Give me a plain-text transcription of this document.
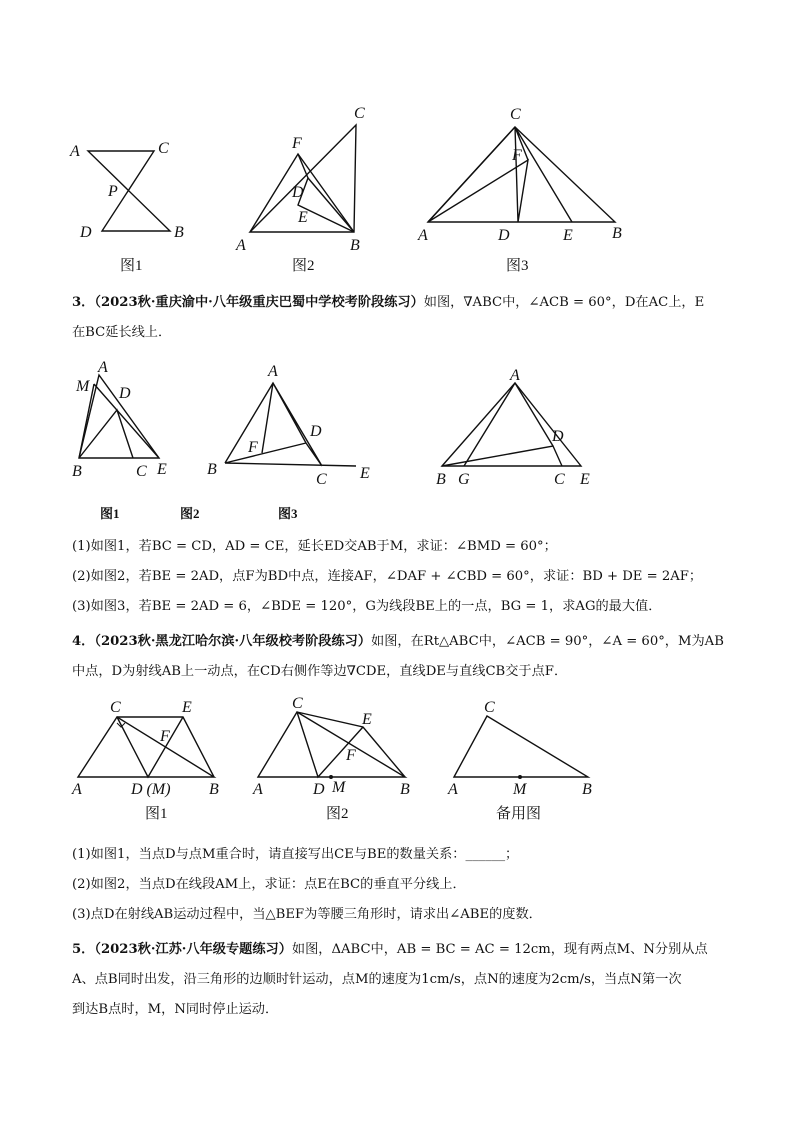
A	C
P
D	B
图1
F
C
D
E
A	B
图2
C
F
A	D	E B
图3
3．（2023秋·重庆渝中·八年级重庆巴蜀中学校考阶段练习）如图，∇ABC中，∠ACB = 60°，D在AC上，E
在BC延长线上．
A
M D
B	C E
图1
A
D
F
B
C E
图2
A
D
B G	C E
图3
(1)如图1，若BC = CD，AD = CE，延长ED交AB于M，求证：∠BMD = 60°；
(2)如图2，若BE = 2AD，点F为BD中点，连接AF，∠DAF + ∠CBD = 60°，求证：BD + DE = 2AF；
(3)如图3，若BE = 2AD = 6，∠BDE = 120°，G为线段BE上的一点，BG = 1，求AG的最大值．
4．（2023秋·黑龙江哈尔滨·八年级校考阶段练习）如图，在Rt△ABC中，∠ACB = 90°，∠A = 60°，M为AB
中点，D为射线AB上一动点，在CD右侧作等边∇CDE，直线DE与直线CB交于点F．
C	E
F
A	D (M) B
图1
C
E
F
A	D M	B
图2
C
A	M	B
备用图
(1)如图1，当点D与点M重合时，请直接写出CE与BE的数量关系：______；
(2)如图2，当点D在线段AM上，求证：点E在BC的垂直平分线上．
(3)点D在射线AB运动过程中，当△BEF为等腰三角形时，请求出∠ABE的度数．
5．（2023秋·江苏·八年级专题练习）如图，ΔABC中，AB = BC = AC = 12cm，现有两点M、N分别从点
A、点B同时出发，沿三角形的边顺时针运动，点M的速度为1cm/s，点N的速度为2cm/s，当点N第一次
到达B点时，M，N同时停止运动．
